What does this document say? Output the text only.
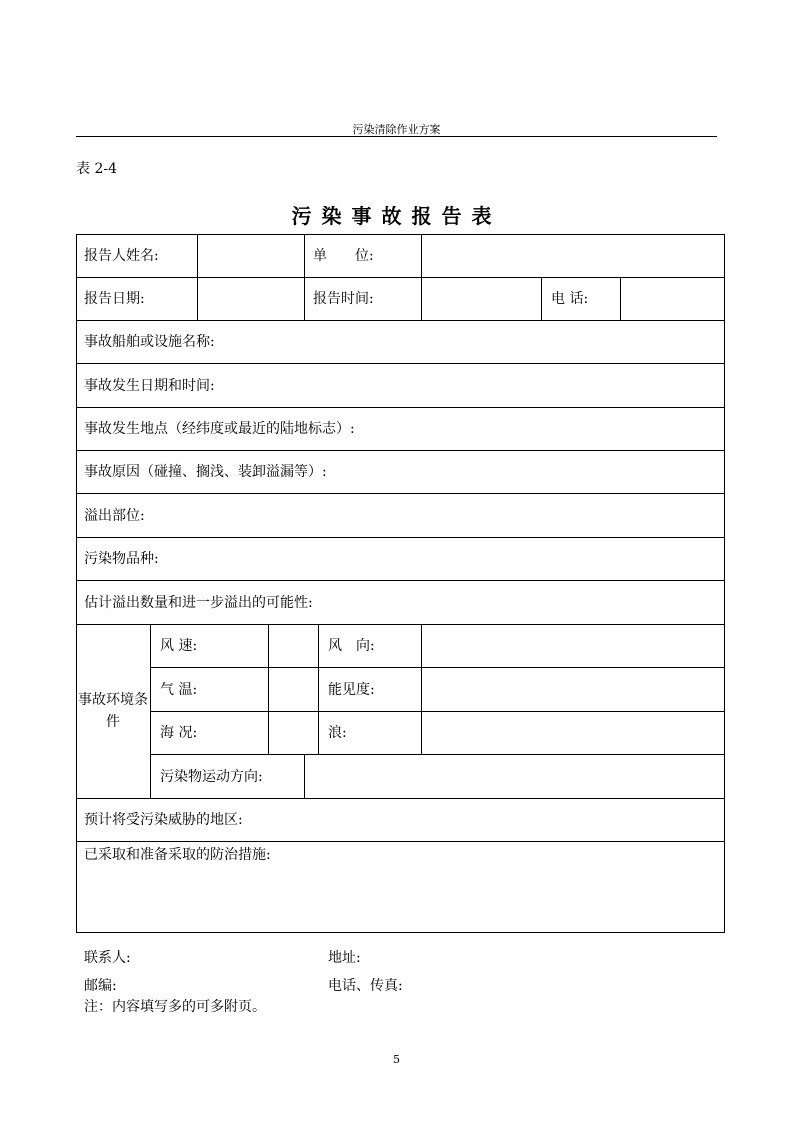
污染清除作业方案
表 2-4
污染事故报告表
报告人姓名:	单　　位:
报告日期:	报告时间:	电 话:
事故船舶或设施名称:
事故发生日期和时间:
事故发生地点（经纬度或最近的陆地标志）:
事故原因（碰撞、搁浅、装卸溢漏等）:
溢出部位:
污染物品种:
估计溢出数量和进一步溢出的可能性:
事故环境条件
风 速:	风　向:
气 温:	能见度:
海 况:	浪:
污染物运动方向:
预计将受污染威胁的地区:
已采取和准备采取的防治措施:
联系人:	地址:
邮编:	电话、传真:
注：内容填写多的可多附页。
5
